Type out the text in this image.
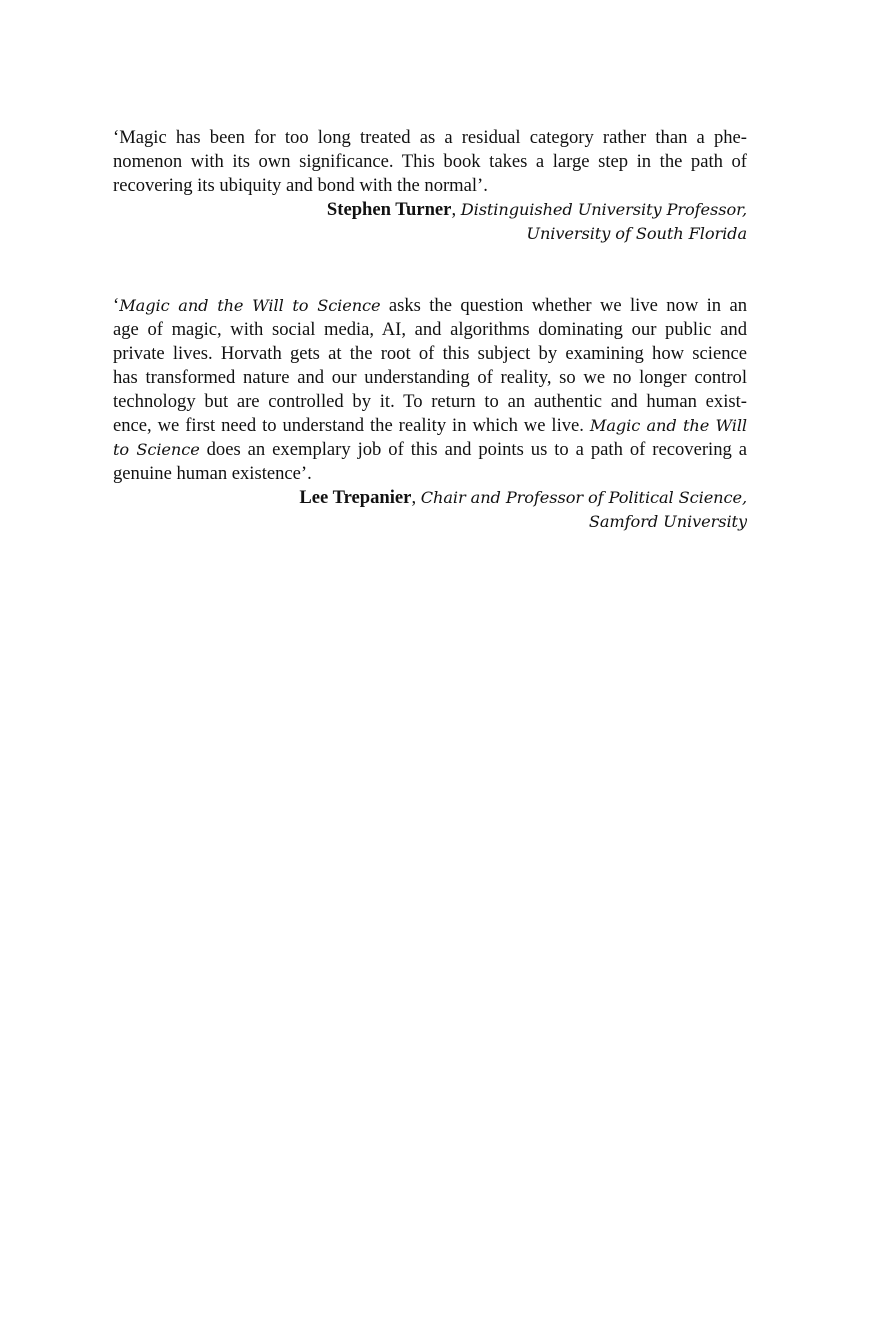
‘Magic has been for too long treated as a residual category rather than a phe-
nomenon with its own significance. This book takes a large step in the path of
recovering its ubiquity and bond with the normal’.
Stephen Turner, Distinguished University Professor,
University of South Florida
‘Magic and the Will to Science asks the question whether we live now in an
age of magic, with social media, AI, and algorithms dominating our public and
private lives. Horvath gets at the root of this subject by examining how science
has transformed nature and our understanding of reality, so we no longer control
technology but are controlled by it. To return to an authentic and human exist-
ence, we first need to understand the reality in which we live. Magic and the Will
to Science does an exemplary job of this and points us to a path of recovering a
genuine human existence’.
Lee Trepanier, Chair and Professor of Political Science,
Samford University
